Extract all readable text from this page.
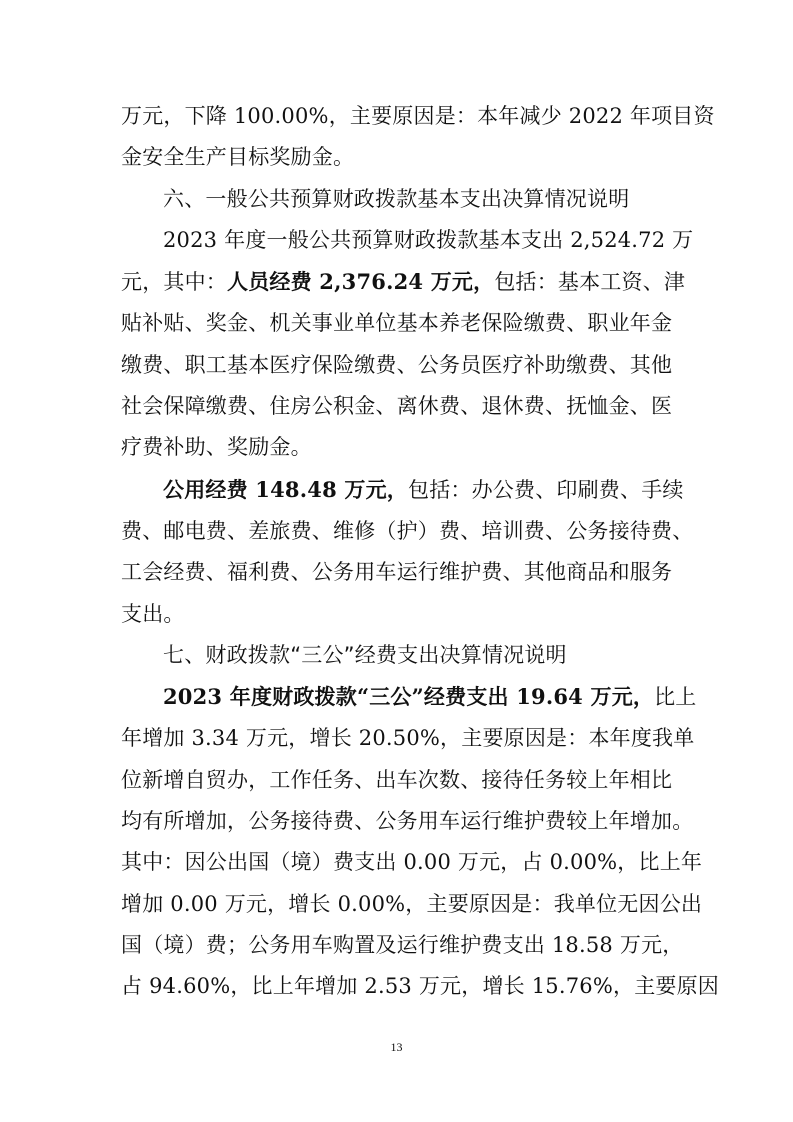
万元，下降 100.00%，主要原因是：本年减少 2022 年项目资
金安全生产目标奖励金。
六、一般公共预算财政拨款基本支出决算情况说明
2023 年度一般公共预算财政拨款基本支出 2,524.72 万
元，其中：人员经费 2,376.24 万元，包括：基本工资、津
贴补贴、奖金、机关事业单位基本养老保险缴费、职业年金
缴费、职工基本医疗保险缴费、公务员医疗补助缴费、其他
社会保障缴费、住房公积金、离休费、退休费、抚恤金、医
疗费补助、奖励金。
公用经费 148.48 万元，包括：办公费、印刷费、手续
费、邮电费、差旅费、维修（护）费、培训费、公务接待费、
工会经费、福利费、公务用车运行维护费、其他商品和服务
支出。
七、财政拨款“三公”经费支出决算情况说明
2023 年度财政拨款“三公”经费支出 19.64 万元，比上
年增加 3.34 万元，增长 20.50%，主要原因是：本年度我单
位新增自贸办，工作任务、出车次数、接待任务较上年相比
均有所增加，公务接待费、公务用车运行维护费较上年增加。
其中：因公出国（境）费支出 0.00 万元，占 0.00%，比上年
增加 0.00 万元，增长 0.00%，主要原因是：我单位无因公出
国（境）费；公务用车购置及运行维护费支出 18.58 万元，
占 94.60%，比上年增加 2.53 万元，增长 15.76%，主要原因
13
